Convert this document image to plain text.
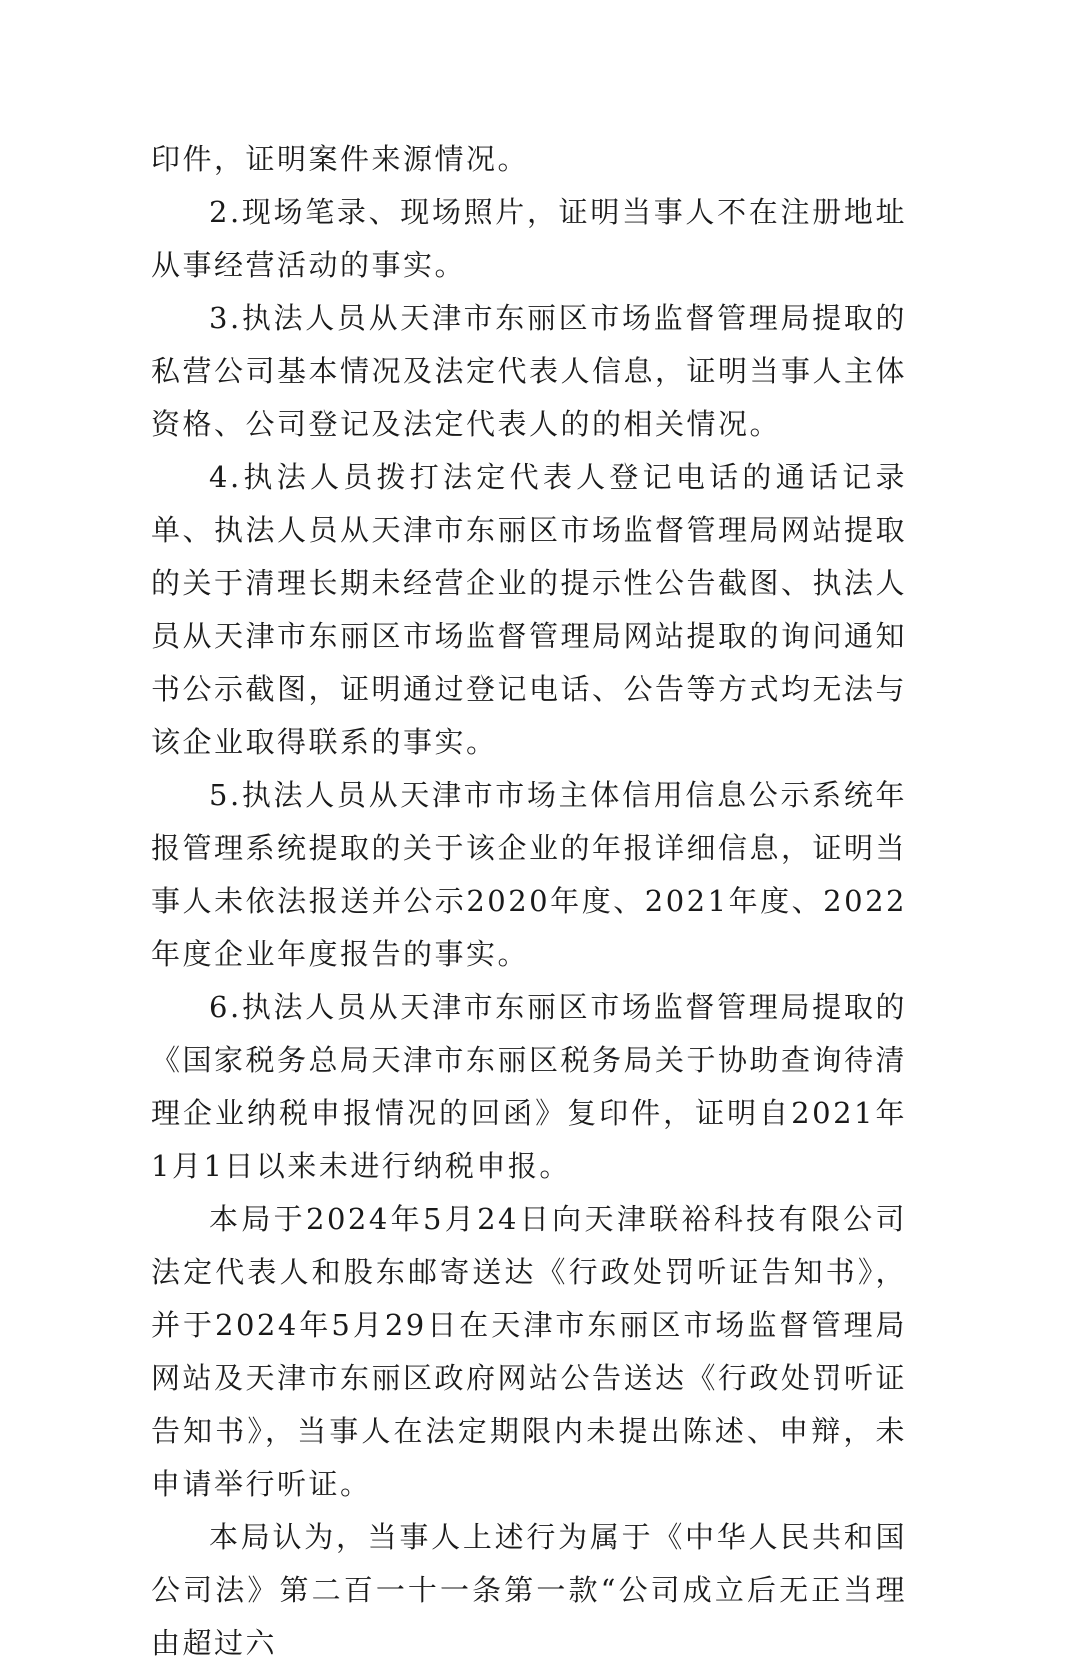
印件，证明案件来源情况。

2.现场笔录、现场照片，证明当事人不在注册地址从事经营活动的事实。

3.执法人员从天津市东丽区市场监督管理局提取的私营公司基本情况及法定代表人信息，证明当事人主体资格、公司登记及法定代表人的的相关情况。

4.执法人员拨打法定代表人登记电话的通话记录单、执法人员从天津市东丽区市场监督管理局网站提取的关于清理长期未经营企业的提示性公告截图、执法人员从天津市东丽区市场监督管理局网站提取的询问通知书公示截图，证明通过登记电话、公告等方式均无法与该企业取得联系的事实。

5.执法人员从天津市市场主体信用信息公示系统年报管理系统提取的关于该企业的年报详细信息，证明当事人未依法报送并公示2020年度、2021年度、2022年度企业年度报告的事实。

6.执法人员从天津市东丽区市场监督管理局提取的《国家税务总局天津市东丽区税务局关于协助查询待清理企业纳税申报情况的回函》复印件，证明自2021年1月1日以来未进行纳税申报。

本局于2024年5月24日向天津联裕科技有限公司法定代表人和股东邮寄送达《行政处罚听证告知书》，并于2024年5月29日在天津市东丽区市场监督管理局网站及天津市东丽区政府网站公告送达《行政处罚听证告知书》，当事人在法定期限内未提出陈述、申辩，未申请举行听证。

本局认为，当事人上述行为属于《中华人民共和国公司法》第二百一十一条第一款“公司成立后无正当理由超过六
